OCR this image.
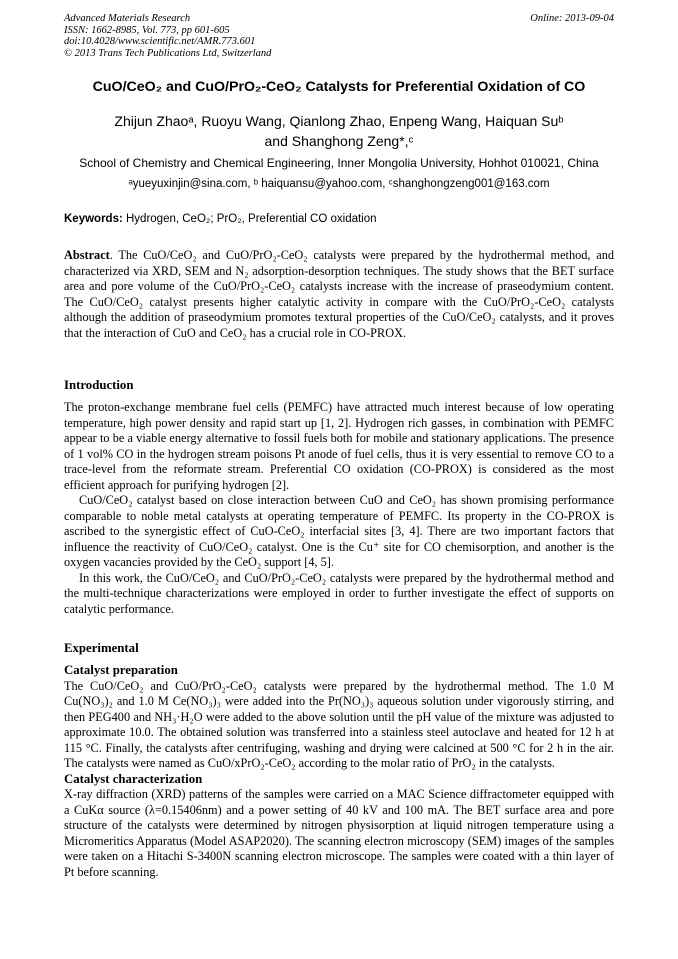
Advanced Materials Research
ISSN: 1662-8985, Vol. 773, pp 601-605
doi:10.4028/www.scientific.net/AMR.773.601
© 2013 Trans Tech Publications Ltd, Switzerland
Online: 2013-09-04
CuO/CeO₂ and CuO/PrO₂-CeO₂ Catalysts for Preferential Oxidation of CO
Zhijun Zhaoᵃ, Ruoyu Wang, Qianlong Zhao, Enpeng Wang, Haiquan Suᵇ
and Shanghong Zeng*,ᶜ
School of Chemistry and Chemical Engineering, Inner Mongolia University, Hohhot 010021, China
ᵃyueyuxinjin@sina.com, ᵇ haiquansu@yahoo.com, ᶜshanghongzeng001@163.com
Keywords: Hydrogen, CeO₂; PrO₂, Preferential CO oxidation
Abstract. The CuO/CeO₂ and CuO/PrO₂-CeO₂ catalysts were prepared by the hydrothermal method, and characterized via XRD, SEM and N₂ adsorption-desorption techniques. The study shows that the BET surface area and pore volume of the CuO/PrO₂-CeO₂ catalysts increase with the increase of praseodymium content. The CuO/CeO₂ catalyst presents higher catalytic activity in compare with the CuO/PrO₂-CeO₂ catalysts although the addition of praseodymium promotes textural properties of the CuO/CeO₂ catalysts, and it proves that the interaction of CuO and CeO₂ has a crucial role in CO-PROX.
Introduction

The proton-exchange membrane fuel cells (PEMFC) have attracted much interest because of low operating temperature, high power density and rapid start up [1, 2]. Hydrogen rich gasses, in combination with PEMFC appear to be a viable energy alternative to fossil fuels both for mobile and stationary applications. The presence of 1 vol% CO in the hydrogen stream poisons Pt anode of fuel cells, thus it is very essential to remove CO to a trace-level from the reformate stream. Preferential CO oxidation (CO-PROX) is considered as the most efficient approach for purifying hydrogen [2].

CuO/CeO₂ catalyst based on close interaction between CuO and CeO₂ has shown promising performance comparable to noble metal catalysts at operating temperature of PEMFC. Its property in the CO-PROX is ascribed to the synergistic effect of CuO-CeO₂ interfacial sites [3, 4]. There are two important factors that influence the reactivity of CuO/CeO₂ catalyst. One is the Cu⁺ site for CO chemisorption, and another is the oxygen vacancies provided by the CeO₂ support [4, 5].

In this work, the CuO/CeO₂ and CuO/PrO₂-CeO₂ catalysts were prepared by the hydrothermal method and the multi-technique characterizations were employed in order to further investigate the effect of supports on catalytic performance.

Experimental
Catalyst preparation

The CuO/CeO₂ and CuO/PrO₂-CeO₂ catalysts were prepared by the hydrothermal method. The 1.0 M Cu(NO₃)₂ and 1.0 M Ce(NO₃)₃ were added into the Pr(NO₃)₃ aqueous solution under vigorously stirring, and then PEG400 and NH₃·H₂O were added to the above solution until the pH value of the mixture was adjusted to approximate 10.0. The obtained solution was transferred into a stainless steel autoclave and heated for 12 h at 115 °C. Finally, the catalysts after centrifuging, washing and drying were calcined at 500 °C for 2 h in the air. The catalysts were named as CuO/xPrO₂-CeO₂ according to the molar ratio of PrO₂ in the catalysts.

Catalyst characterization

X-ray diffraction (XRD) patterns of the samples were carried on a MAC Science diffractometer equipped with a CuKα source (λ=0.15406nm) and a power setting of 40 kV and 100 mA. The BET surface area and pore structure of the catalysts were determined by nitrogen physisorption at liquid nitrogen temperature using a Micromeritics Apparatus (Model ASAP2020). The scanning electron microscopy (SEM) images of the samples were taken on a Hitachi S-3400N scanning electron microscope. The samples were coated with a thin layer of Pt before scanning.
